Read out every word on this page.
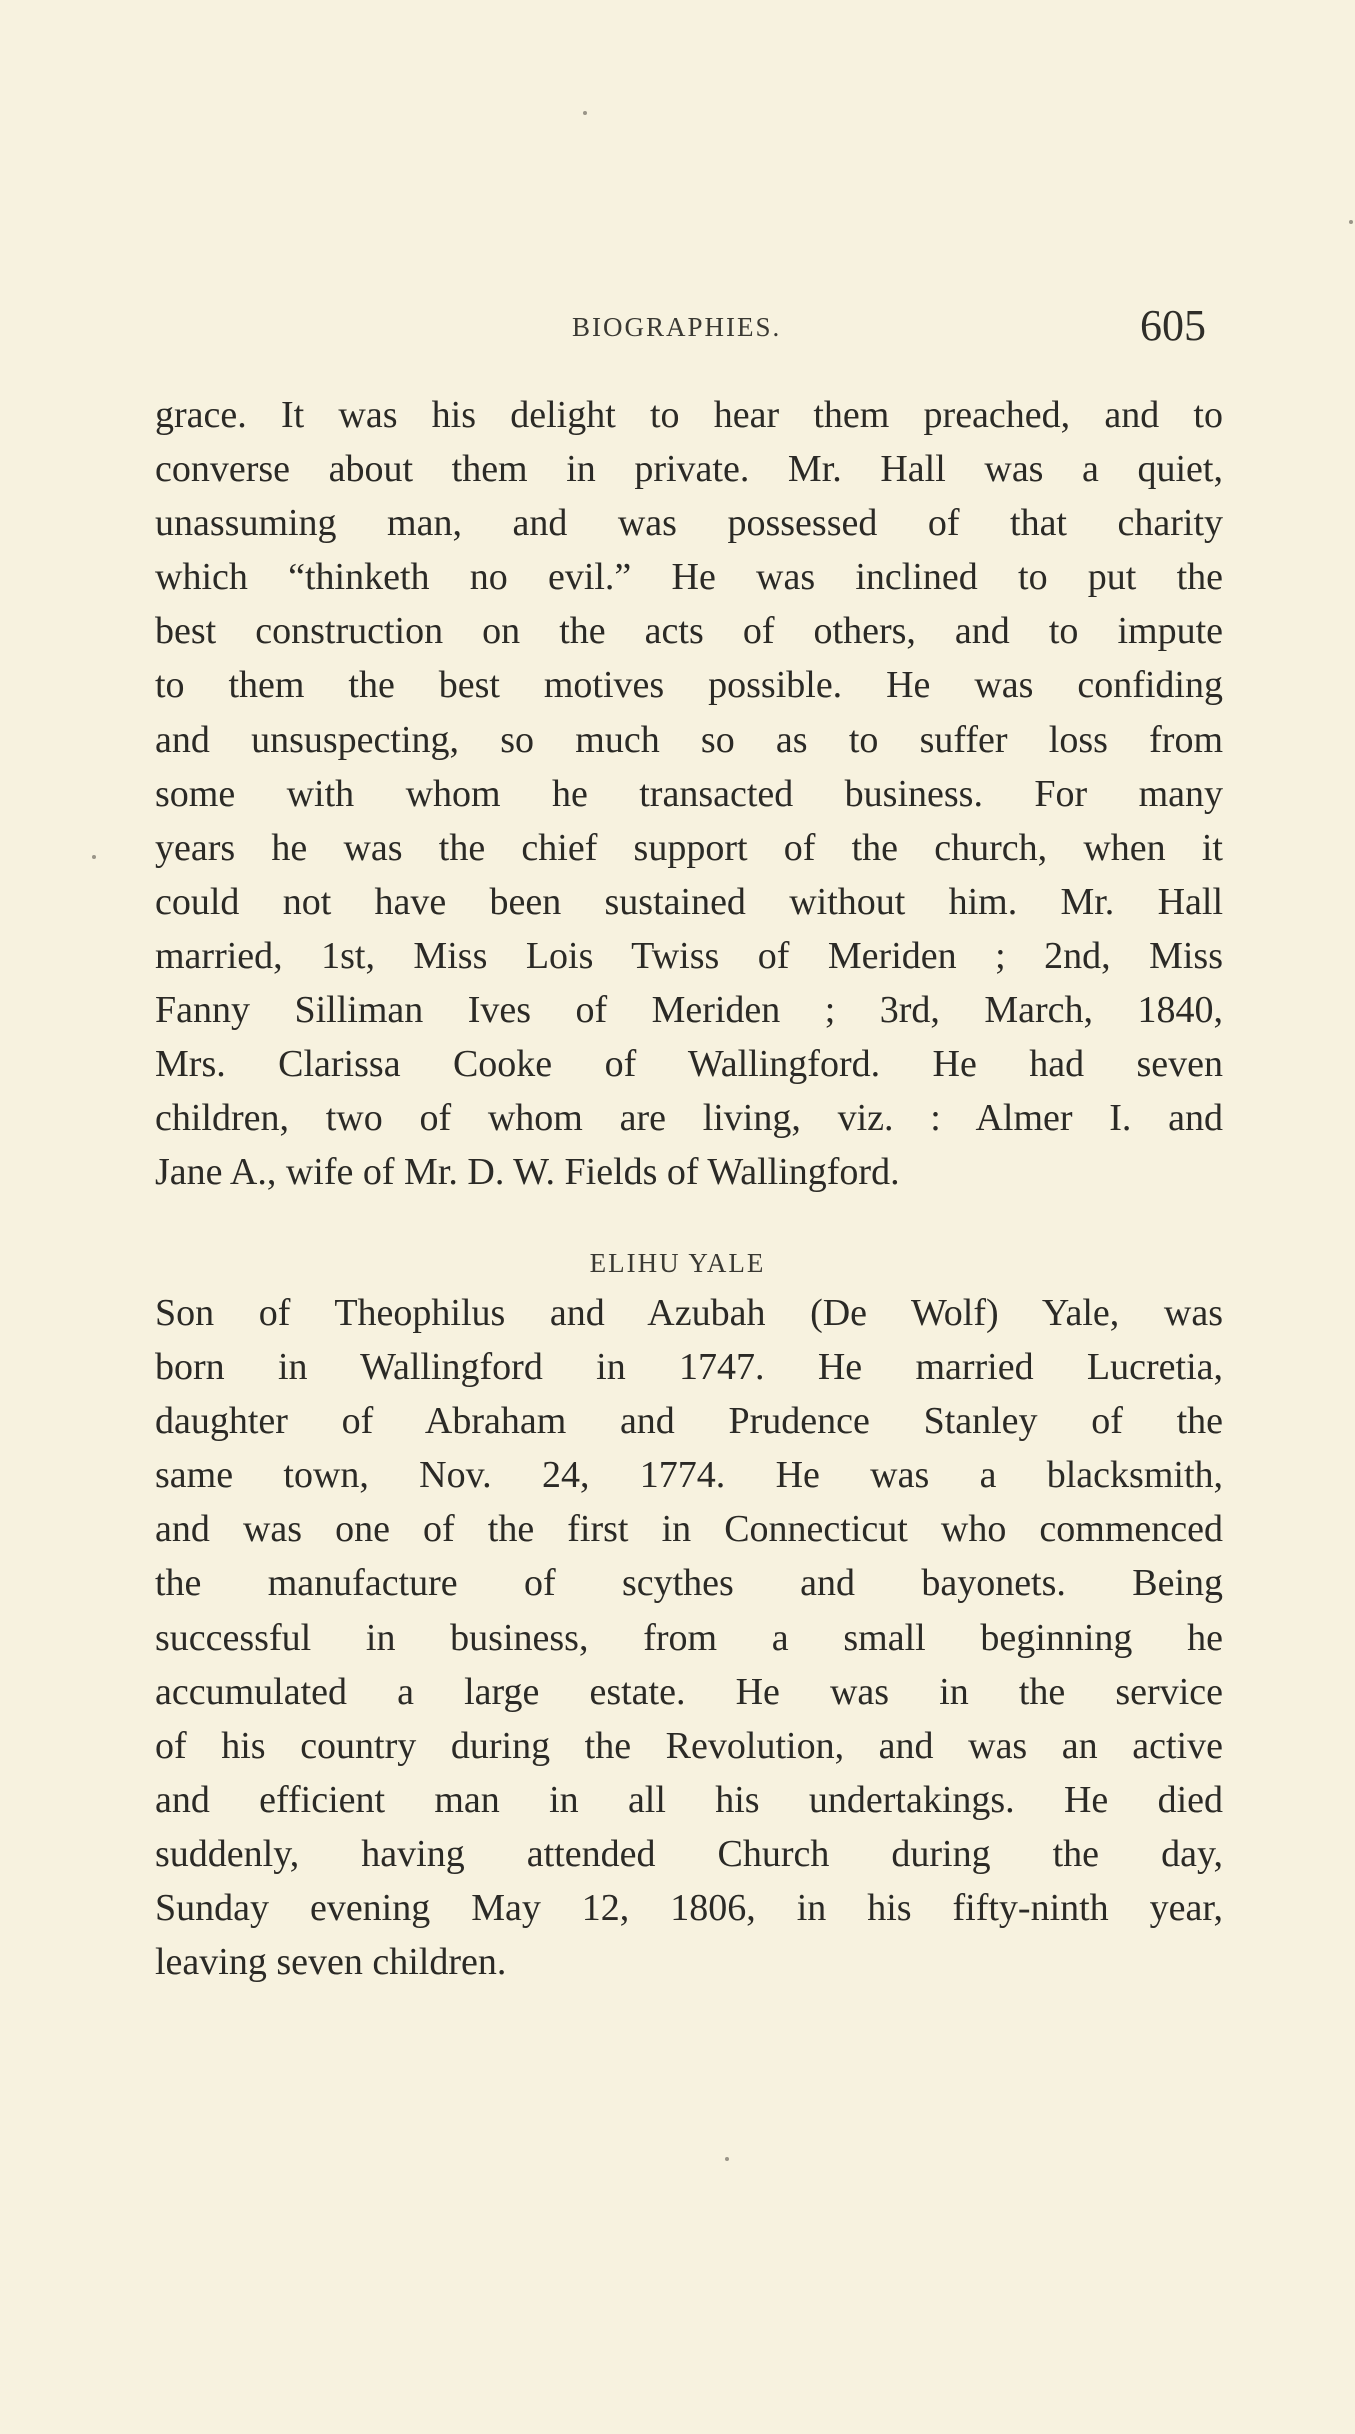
BIOGRAPHIES.	605
grace. It was his delight to hear them preached, and to
converse about them in private. Mr. Hall was a quiet,
unassuming man, and was possessed of that charity
which “thinketh no evil.” He was inclined to put the
best construction on the acts of others, and to impute
to them the best motives possible. He was confiding
and unsuspecting, so much so as to suffer loss from
some with whom he transacted business. For many
years he was the chief support of the church, when it
could not have been sustained without him. Mr. Hall
married, 1st, Miss Lois Twiss of Meriden ; 2nd, Miss
Fanny Silliman Ives of Meriden ; 3rd, March, 1840,
Mrs. Clarissa Cooke of Wallingford. He had seven
children, two of whom are living, viz. : Almer I. and
Jane A., wife of Mr. D. W. Fields of Wallingford.
ELIHU YALE
Son of Theophilus and Azubah (De Wolf) Yale, was
born in Wallingford in 1747. He married Lucretia,
daughter of Abraham and Prudence Stanley of the
same town, Nov. 24, 1774. He was a blacksmith,
and was one of the first in Connecticut who commenced
the manufacture of scythes and bayonets. Being
successful in business, from a small beginning he
accumulated a large estate. He was in the service
of his country during the Revolution, and was an active
and efficient man in all his undertakings. He died
suddenly, having attended Church during the day,
Sunday evening May 12, 1806, in his fifty-ninth year,
leaving seven children.
